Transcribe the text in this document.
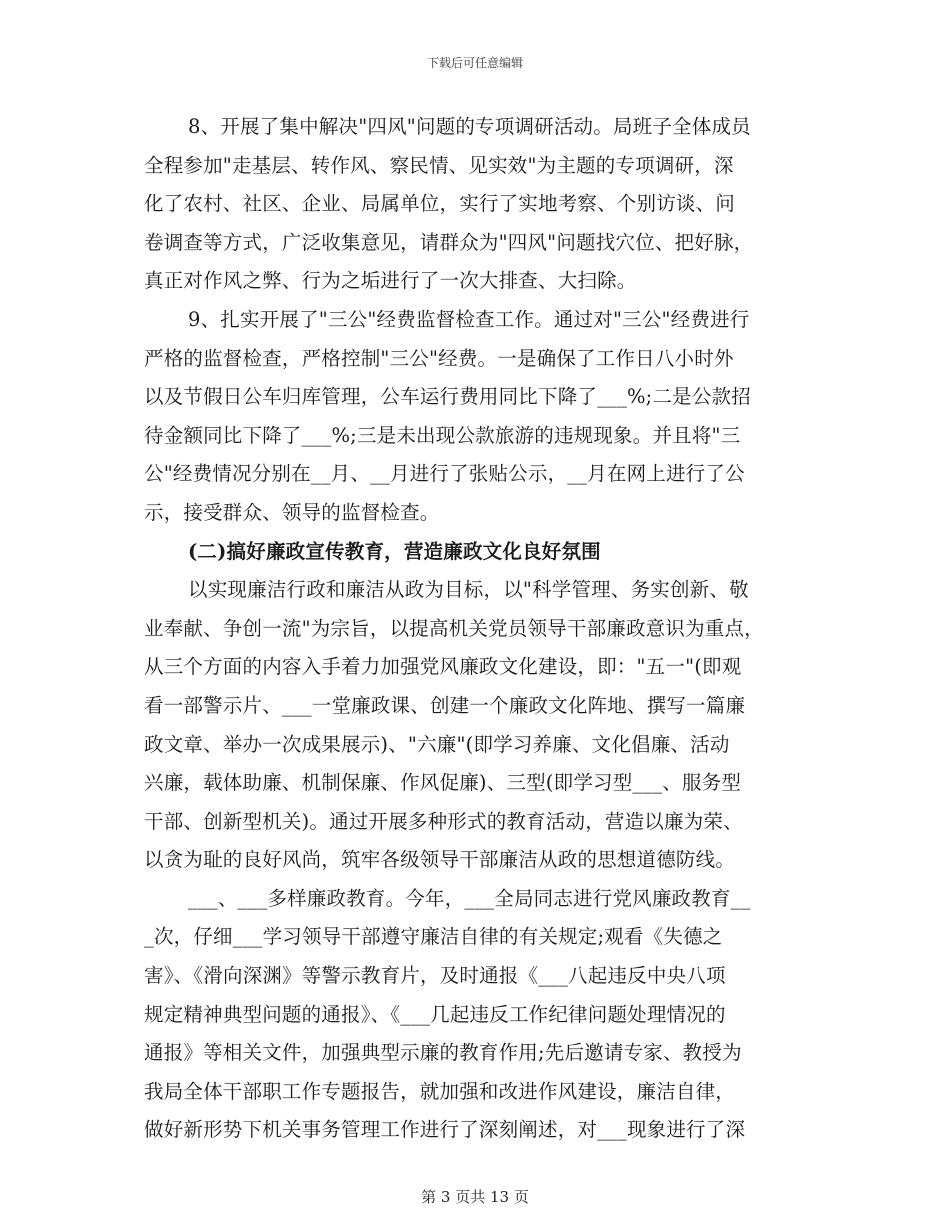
下载后可任意编辑
8、开展了集中解决"四风"问题的专项调研活动。局班子全体成员
全程参加"走基层、转作风、察民情、见实效"为主题的专项调研，深
化了农村、社区、企业、局属单位，实行了实地考察、个别访谈、问
卷调查等方式，广泛收集意见，请群众为"四风"问题找穴位、把好脉，
真正对作风之弊、行为之垢进行了一次大排查、大扫除。
9、扎实开展了"三公"经费监督检查工作。通过对"三公"经费进行
严格的监督检查，严格控制"三公"经费。一是确保了工作日八小时外
以及节假日公车归库管理，公车运行费用同比下降了___%;二是公款招
待金额同比下降了___%;三是未出现公款旅游的违规现象。并且将"三
公"经费情况分别在__月、__月进行了张贴公示，__月在网上进行了公
示，接受群众、领导的监督检查。
(二)搞好廉政宣传教育，营造廉政文化良好氛围
以实现廉洁行政和廉洁从政为目标，以"科学管理、务实创新、敬
业奉献、争创一流"为宗旨，以提高机关党员领导干部廉政意识为重点，
从三个方面的内容入手着力加强党风廉政文化建设，即："五一"(即观
看一部警示片、___一堂廉政课、创建一个廉政文化阵地、撰写一篇廉
政文章、举办一次成果展示)、"六廉"(即学习养廉、文化倡廉、活动
兴廉，载体助廉、机制保廉、作风促廉)、三型(即学习型___、服务型
干部、创新型机关)。通过开展多种形式的教育活动，营造以廉为荣、
以贪为耻的良好风尚，筑牢各级领导干部廉洁从政的思想道德防线。
___、___多样廉政教育。今年，___全局同志进行党风廉政教育__
_次，仔细___学习领导干部遵守廉洁自律的有关规定;观看《失德之
害》、《滑向深渊》等警示教育片，及时通报《___八起违反中央八项
规定精神典型问题的通报》、《___几起违反工作纪律问题处理情况的
通报》等相关文件，加强典型示廉的教育作用;先后邀请专家、教授为
我局全体干部职工作专题报告，就加强和改进作风建设，廉洁自律，
做好新形势下机关事务管理工作进行了深刻阐述，对___现象进行了深
第 3 页共 13 页
